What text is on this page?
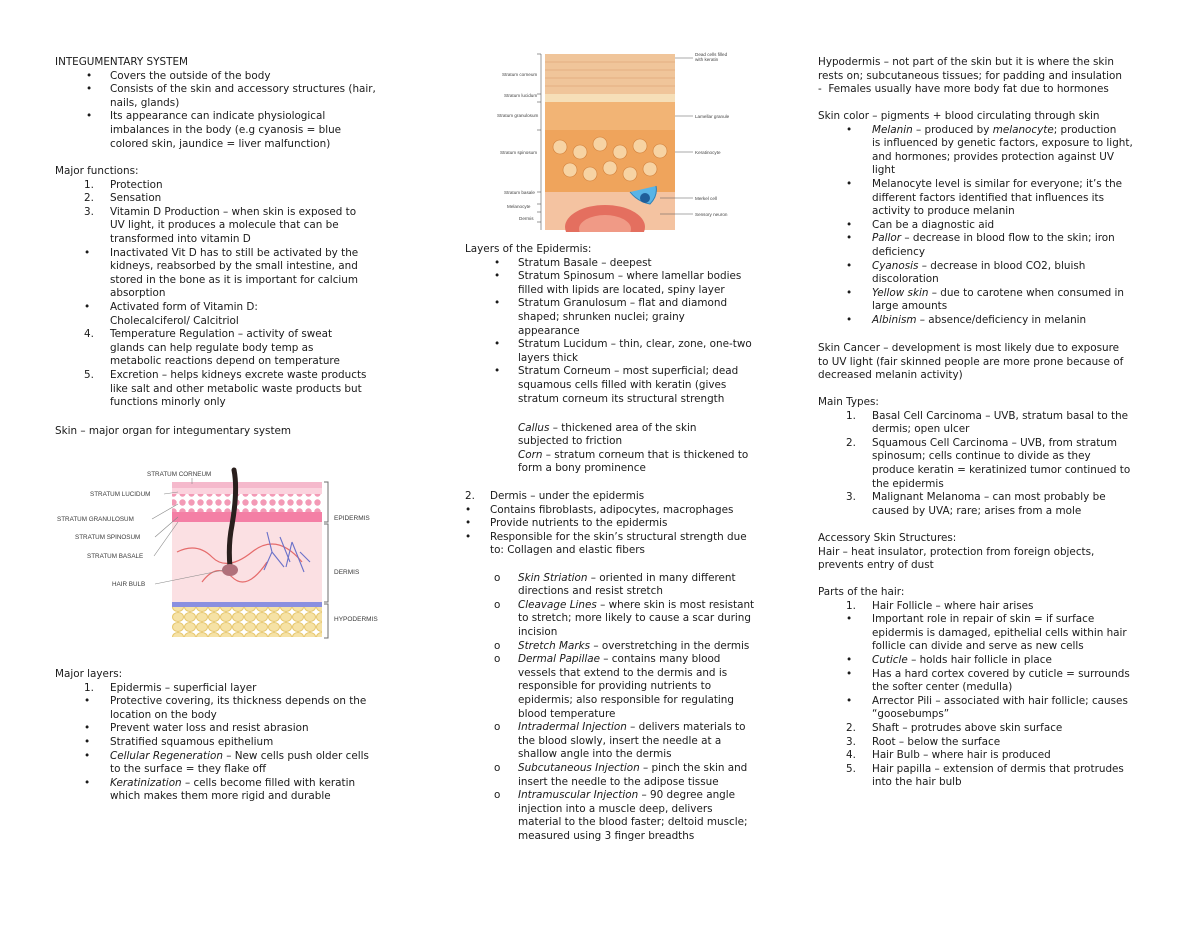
INTEGUMENTARY SYSTEM
• Covers the outside of the body
• Consists of the skin and accessory structures (hair,
nails, glands)
• Its appearance can indicate physiological
imbalances in the body (e.g cyanosis = blue
colored skin, jaundice = liver malfunction)
Major functions:
1. Protection
2. Sensation
3. Vitamin D Production – when skin is exposed to
UV light, it produces a molecule that can be
transformed into vitamin D
• Inactivated Vit D has to still be activated by the
kidneys, reabsorbed by the small intestine, and
stored in the bone as it is important for calcium
absorption
• Activated form of Vitamin D:
Cholecalciferol/ Calcitriol
4. Temperature Regulation – activity of sweat
glands can help regulate body temp as
metabolic reactions depend on temperature
5. Excretion – helps kidneys excrete waste products
like salt and other metabolic waste products but
functions minorly only
Skin – major organ for integumentary system
Major layers:
1. Epidermis – superficial layer
• Protective covering, its thickness depends on the
location on the body
• Prevent water loss and resist abrasion
• Stratified squamous epithelium
• Cellular Regeneration – New cells push older cells
to the surface = they flake off
• Keratinization – cells become filled with keratin
which makes them more rigid and durable
Layers of the Epidermis:
• Stratum Basale – deepest
• Stratum Spinosum – where lamellar bodies
filled with lipids are located, spiny layer
• Stratum Granulosum – flat and diamond
shaped; shrunken nuclei; grainy
appearance
• Stratum Lucidum – thin, clear, zone, one-two
layers thick
• Stratum Corneum – most superficial; dead
squamous cells filled with keratin (gives
stratum corneum its structural strength
Callus – thickened area of the skin
subjected to friction
Corn – stratum corneum that is thickened to
form a bony prominence
2. Dermis – under the epidermis
• Contains fibroblasts, adipocytes, macrophages
• Provide nutrients to the epidermis
• Responsible for the skin’s structural strength due
to: Collagen and elastic fibers
o Skin Striation – oriented in many different
directions and resist stretch
o Cleavage Lines – where skin is most resistant
to stretch; more likely to cause a scar during
incision
o Stretch Marks – overstretching in the dermis
o Dermal Papillae – contains many blood
vessels that extend to the dermis and is
responsible for providing nutrients to
epidermis; also responsible for regulating
blood temperature
o Intradermal Injection – delivers materials to
the blood slowly, insert the needle at a
shallow angle into the dermis
o Subcutaneous Injection – pinch the skin and
insert the needle to the adipose tissue
o Intramuscular Injection – 90 degree angle
injection into a muscle deep, delivers
material to the blood faster; deltoid muscle;
measured using 3 finger breadths
Hypodermis – not part of the skin but it is where the skin
rests on; subcutaneous tissues; for padding and insulation
-  Females usually have more body fat due to hormones
Skin color – pigments + blood circulating through skin
• Melanin – produced by melanocyte ; production
is influenced by genetic factors, exposure to light,
and hormones; provides protection against UV
light
• Melanocyte level is similar for everyone; it’s the
different factors identified that influences its
activity to produce melanin
• Can be a diagnostic aid
• Pallor – decrease in blood flow to the skin; iron
deficiency
• Cyanosis – decrease in blood CO2, bluish
discoloration
• Yellow skin – due to carotene when consumed in
large amounts
• Albinism – absence/deficiency in melanin
Skin Cancer – development is most likely due to exposure
to UV light (fair skinned people are more prone because of
decreased melanin activity)
Main Types:
1. Basal Cell Carcinoma – UVB, stratum basal to the
dermis; open ulcer
2. Squamous Cell Carcinoma – UVB, from stratum
spinosum; cells continue to divide as they
produce keratin = keratinized tumor continued to
the epidermis
3. Malignant Melanoma – can most probably be
caused by UVA; rare; arises from a mole
Accessory Skin Structures:
Hair – heat insulator, protection from foreign objects,
prevents entry of dust
Parts of the hair:
1. Hair Follicle – where hair arises
• Important role in repair of skin = if surface
epidermis is damaged, epithelial cells within hair
follicle can divide and serve as new cells
• Cuticle – holds hair follicle in place
• Has a hard cortex covered by cuticle = surrounds
the softer center (medulla)
• Arrector Pili – associated with hair follicle; causes
“goosebumps”
2. Shaft – protrudes above skin surface
3. Root – below the surface
4. Hair Bulb – where hair is produced
5. Hair papilla – extension of dermis that protrudes
into the hair bulb
STRATUM CORNEUM
STRATUM LUCIDUM
STRATUM GRANULOSUM
STRATUM SPINOSUM
STRATUM BASALE
HAIR BULB
EPIDERMIS
DERMIS
HYPODERMIS
Stratum corneum
Stratum lucidum
Stratum granulosum
Stratum spinosum
Stratum basale
Melanocyte
Dermis
Dead cells filled
with keratin
Lamellar granule
Keratinocyte
Merkel cell
Sensory neuron
